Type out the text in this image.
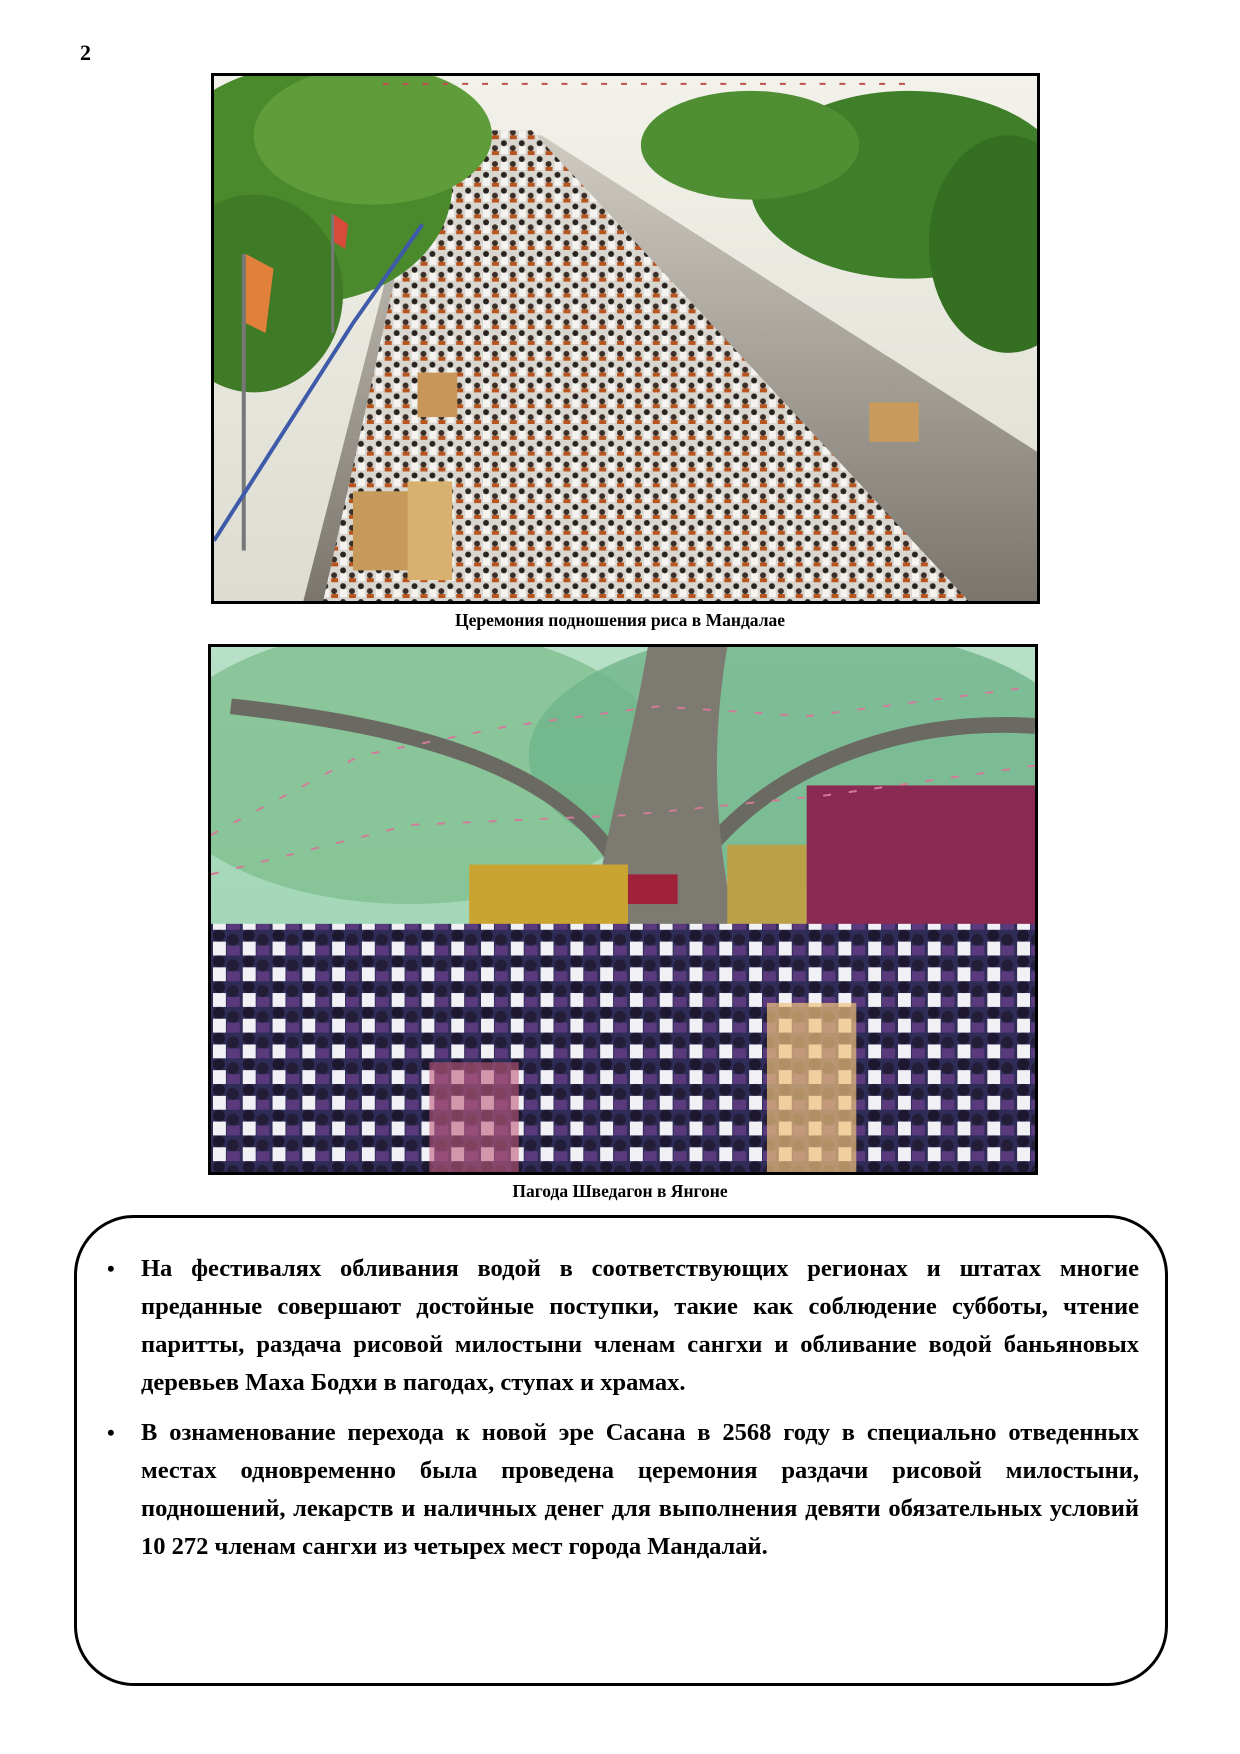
2
Церемония подношения риса в Мандалае
Пагода Шведагон в Янгоне
• На фестивалях обливания водой в соответствующих регионах и штатах многие преданные совершают достойные поступки, такие как соблюдение субботы, чтение паритты, раздача рисовой милостыни членам сангхи и обливание водой баньяновых деревьев Маха Бодхи в пагодах, ступах и храмах.
• В ознаменование перехода к новой эре Сасана в 2568 году в специально отведенных местах одновременно была проведена церемония раздачи рисовой милостыни, подношений, лекарств и наличных денег для выполнения девяти обязательных условий 10 272 членам сангхи из четырех мест города Мандалай.
